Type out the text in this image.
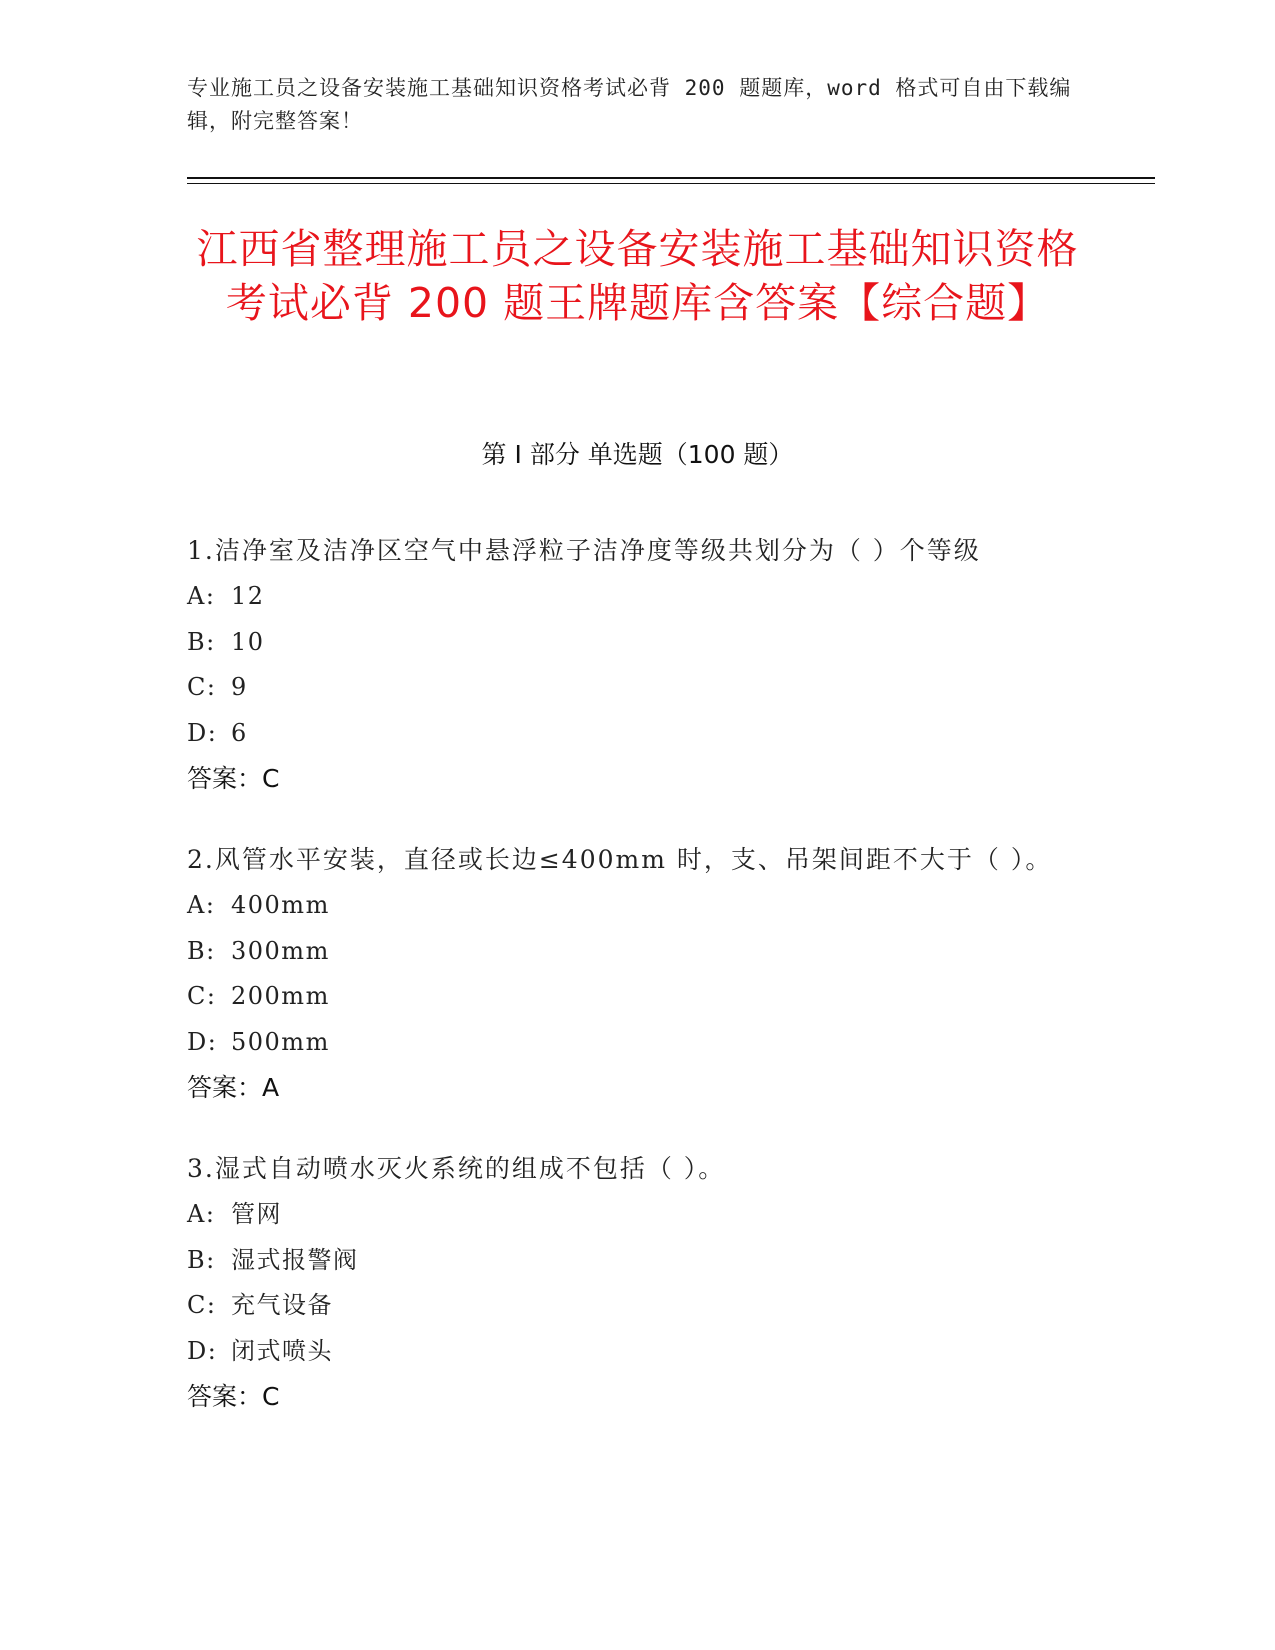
专业施工员之设备安装施工基础知识资格考试必背 200 题题库，word 格式可自由下载编辑，附完整答案！
江西省整理施工员之设备安装施工基础知识资格考试必背 200 题王牌题库含答案【综合题】
第 I 部分 单选题（100 题）

1.洁净室及洁净区空气中悬浮粒子洁净度等级共划分为（ ）个等级

A: 12
B: 10
C: 9
D: 6
答案：C

2.风管水平安装，直径或长边≤400mm 时，支、吊架间距不大于（ ）。

A: 400mm
B: 300mm
C: 200mm
D: 500mm
答案：A

3.湿式自动喷水灭火系统的组成不包括（ ）。

A: 管网
B: 湿式报警阀
C: 充气设备
D: 闭式喷头
答案：C
